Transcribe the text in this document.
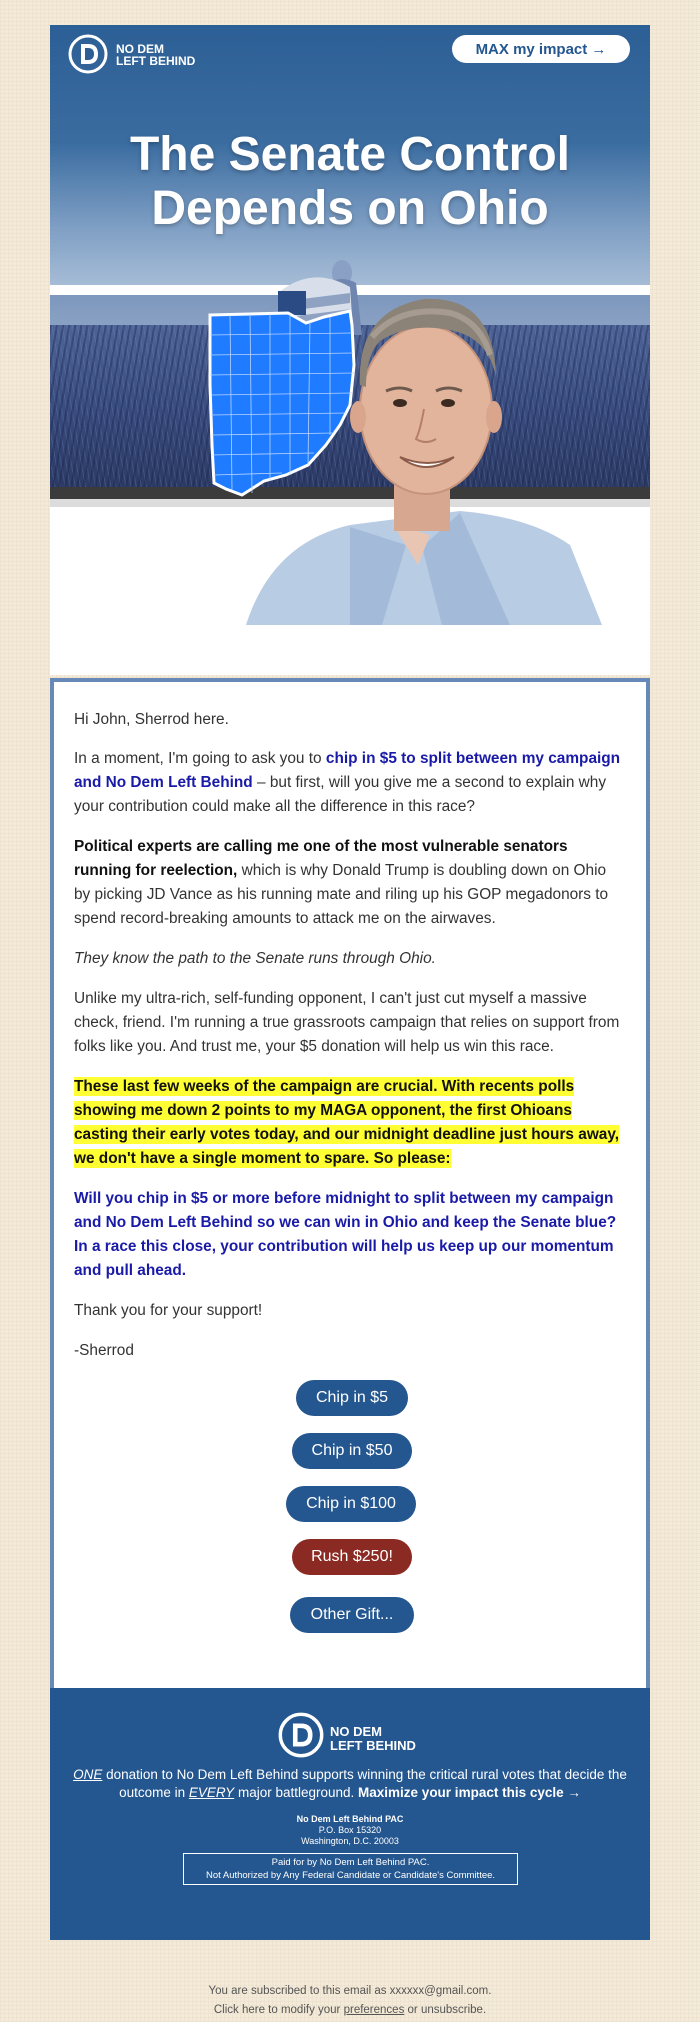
NO DEM
LEFT BEHIND
MAX my impact →
The Senate Control
Depends on Ohio

Hi John, Sherrod here.

In a moment, I'm going to ask you to chip in $5 to split between my campaign and No Dem Left Behind – but first, will you give me a second to explain why your contribution could make all the difference in this race?

Political experts are calling me one of the most vulnerable senators running for reelection, which is why Donald Trump is doubling down on Ohio by picking JD Vance as his running mate and riling up his GOP megadonors to spend record-breaking amounts to attack me on the airwaves.

They know the path to the Senate runs through Ohio.

Unlike my ultra-rich, self-funding opponent, I can't just cut myself a massive check, friend. I'm running a true grassroots campaign that relies on support from folks like you. And trust me, your $5 donation will help us win this race.

These last few weeks of the campaign are crucial. With recents polls showing me down 2 points to my MAGA opponent, the first Ohioans casting their early votes today, and our midnight deadline just hours away, we don't have a single moment to spare. So please:

Will you chip in $5 or more before midnight to split between my campaign and No Dem Left Behind so we can win in Ohio and keep the Senate blue? In a race this close, your contribution will help us keep up our momentum and pull ahead.

Thank you for your support!

-Sherrod

Chip in $5
Chip in $50
Chip in $100
Rush $250!
Other Gift...
NO DEM
LEFT BEHIND
ONE donation to No Dem Left Behind supports winning the critical rural votes that decide the outcome in EVERY major battleground. Maximize your impact this cycle →
No Dem Left Behind PAC
P.O. Box 15320
Washington, D.C. 20003
Paid for by No Dem Left Behind PAC.
Not Authorized by Any Federal Candidate or Candidate's Committee.
You are subscribed to this email as xxxxxx@gmail.com.
Click here to modify your preferences or unsubscribe.
